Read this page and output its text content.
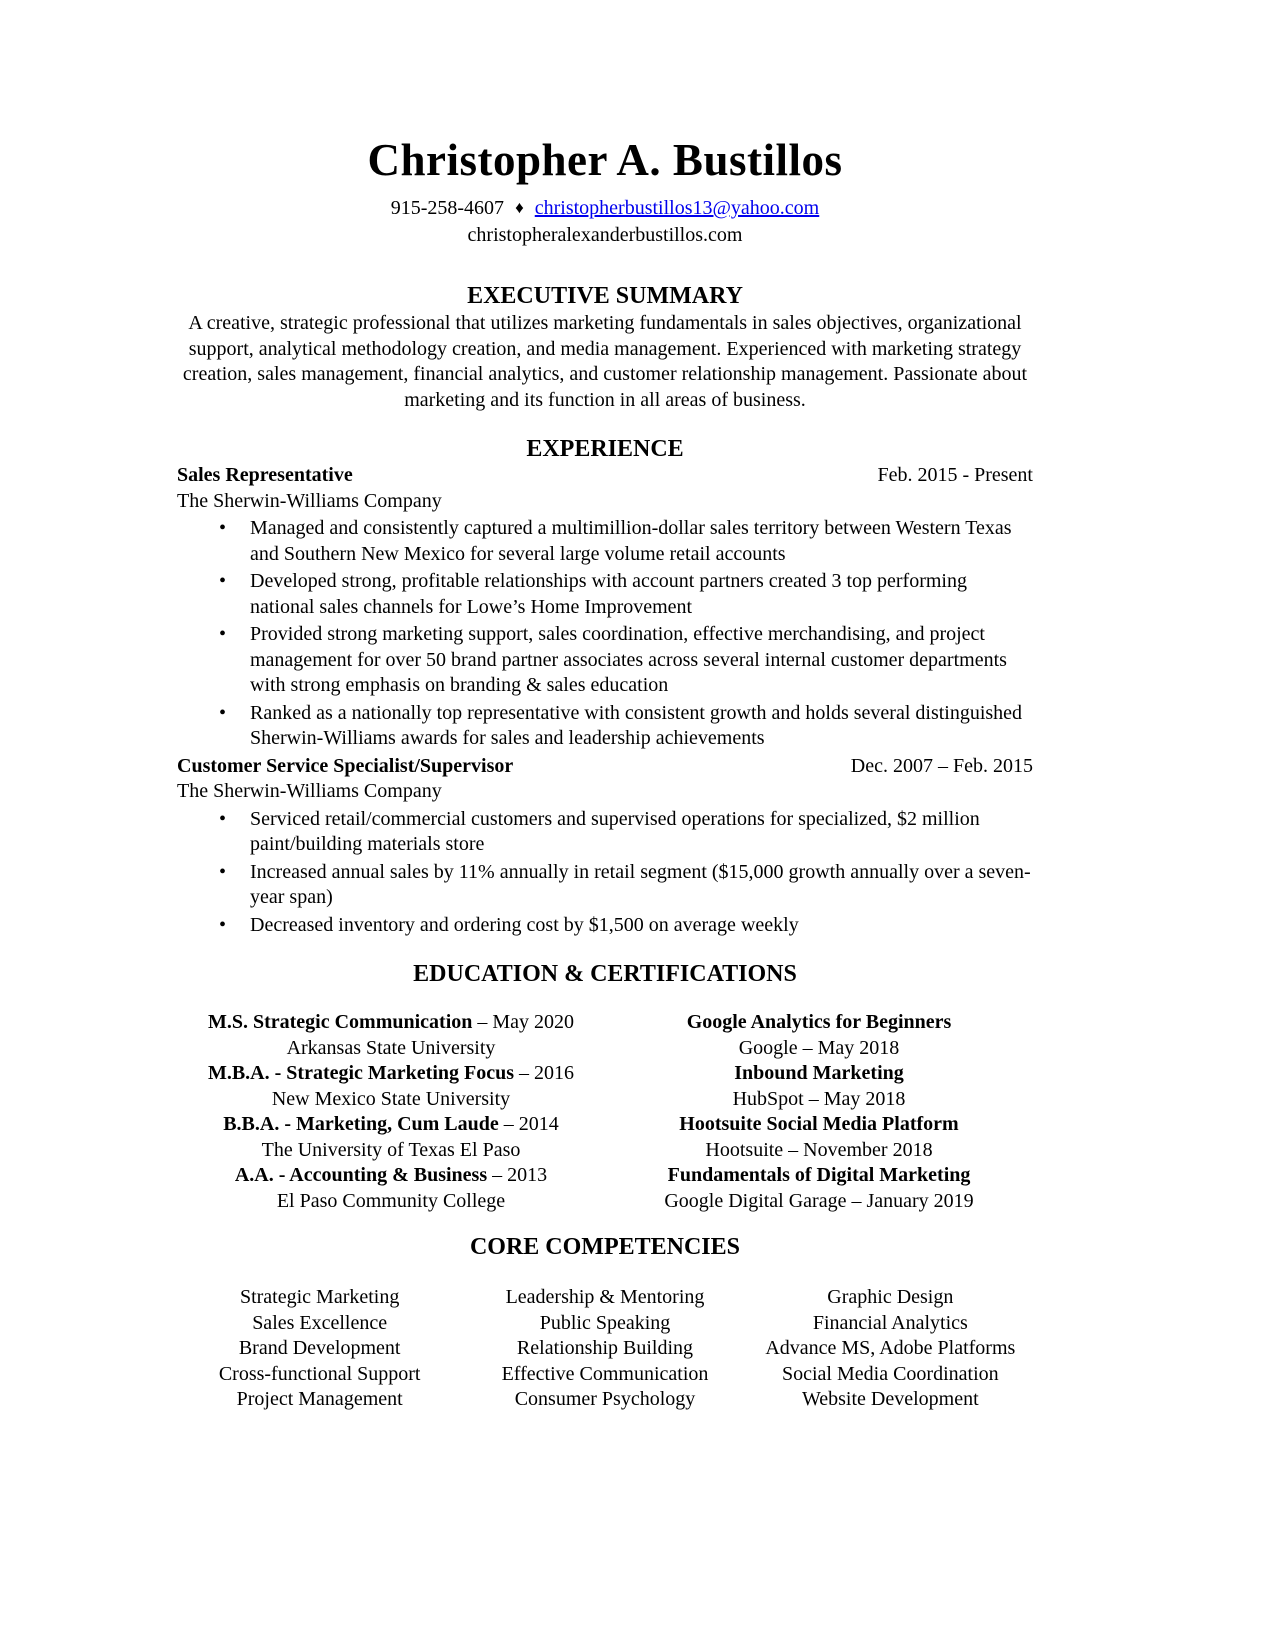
Christopher A. Bustillos
915-258-4607 ♦ christopherbustillos13@yahoo.com
christopheralexanderbustillos.com
EXECUTIVE SUMMARY

A creative, strategic professional that utilizes marketing fundamentals in sales objectives, organizational support, analytical methodology creation, and media management. Experienced with marketing strategy creation, sales management, financial analytics, and customer relationship management. Passionate about marketing and its function in all areas of business.

EXPERIENCE
Sales Representative	Feb. 2015 - Present
The Sherwin-Williams Company
• Managed and consistently captured a multimillion-dollar sales territory between Western Texas and Southern New Mexico for several large volume retail accounts
• Developed strong, profitable relationships with account partners created 3 top performing national sales channels for Lowe’s Home Improvement
• Provided strong marketing support, sales coordination, effective merchandising, and project management for over 50 brand partner associates across several internal customer departments with strong emphasis on branding & sales education
• Ranked as a nationally top representative with consistent growth and holds several distinguished Sherwin-Williams awards for sales and leadership achievements
Customer Service Specialist/Supervisor	Dec. 2007 – Feb. 2015
The Sherwin-Williams Company
• Serviced retail/commercial customers and supervised operations for specialized, $2 million paint/building materials store
• Increased annual sales by 11% annually in retail segment ($15,000 growth annually over a seven-year span)
• Decreased inventory and ordering cost by $1,500 on average weekly
EDUCATION & CERTIFICATIONS
M.S. Strategic Communication – May 2020
Arkansas State University
M.B.A. - Strategic Marketing Focus – 2016
New Mexico State University
B.B.A. - Marketing, Cum Laude – 2014
The University of Texas El Paso
A.A. - Accounting & Business – 2013
El Paso Community College
Google Analytics for Beginners
Google – May 2018
Inbound Marketing
HubSpot – May 2018
Hootsuite Social Media Platform
Hootsuite – November 2018
Fundamentals of Digital Marketing
Google Digital Garage – January 2019
CORE COMPETENCIES
Strategic Marketing
Sales Excellence
Brand Development
Cross-functional Support
Project Management
Leadership & Mentoring
Public Speaking
Relationship Building
Effective Communication
Consumer Psychology
Graphic Design
Financial Analytics
Advance MS, Adobe Platforms
Social Media Coordination
Website Development
